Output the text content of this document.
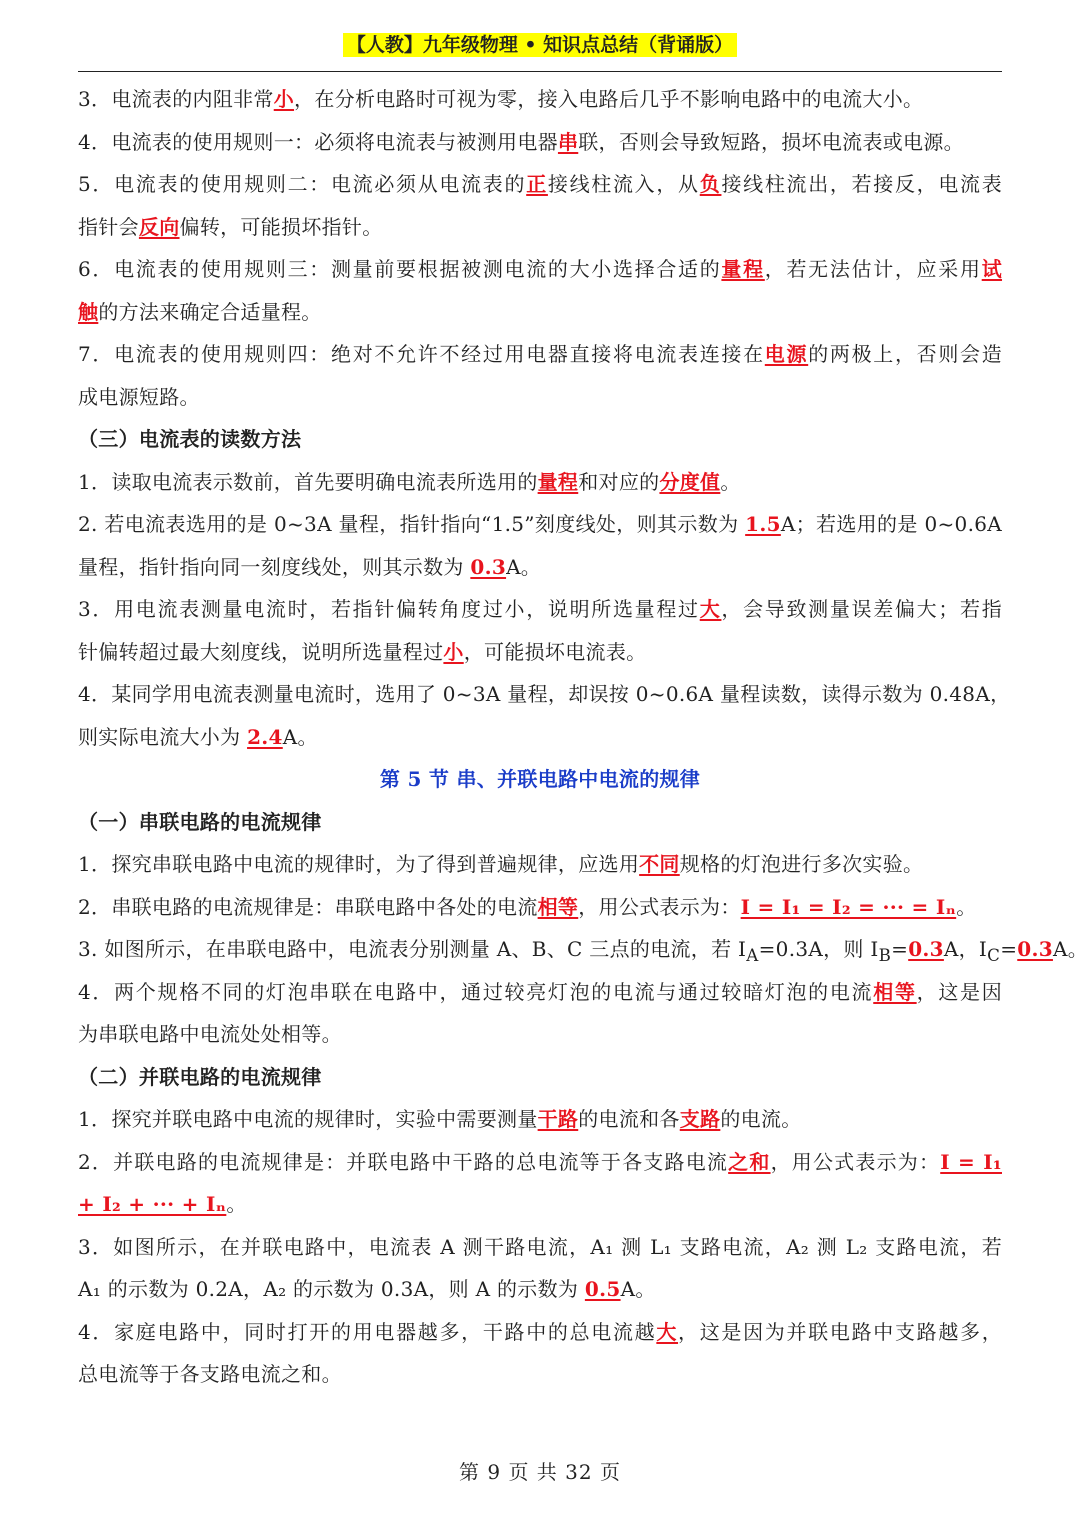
【人教】九年级物理 • 知识点总结（背诵版）
3．电流表的内阻非常小，在分析电路时可视为零，接入电路后几乎不影响电路中的电流大小。
4．电流表的使用规则一：必须将电流表与被测用电器串联，否则会导致短路，损坏电流表或电源。
5．电流表的使用规则二：电流必须从电流表的正接线柱流入，从负接线柱流出，若接反，电流表
指针会反向偏转，可能损坏指针。
6．电流表的使用规则三：测量前要根据被测电流的大小选择合适的量程，若无法估计，应采用试
触的方法来确定合适量程。
7．电流表的使用规则四：绝对不允许不经过用电器直接将电流表连接在电源的两极上，否则会造
成电源短路。
（三）电流表的读数方法
1．读取电流表示数前，首先要明确电流表所选用的量程和对应的分度值。
2. 若电流表选用的是 0~3A 量程，指针指向“1.5”刻度线处，则其示数为 1.5A；若选用的是 0~0.6A
量程，指针指向同一刻度线处，则其示数为 0.3A。
3．用电流表测量电流时，若指针偏转角度过小，说明所选量程过大，会导致测量误差偏大；若指
针偏转超过最大刻度线，说明所选量程过小，可能损坏电流表。
4．某同学用电流表测量电流时，选用了 0~3A 量程，却误按 0~0.6A 量程读数，读得示数为 0.48A，
则实际电流大小为 2.4A。
第 5 节 串、并联电路中电流的规律
（一）串联电路的电流规律
1．探究串联电路中电流的规律时，为了得到普遍规律，应选用不同规格的灯泡进行多次实验。
2．串联电路的电流规律是：串联电路中各处的电流相等，用公式表示为：I = I₁ = I₂ = ··· = Iₙ。
3. 如图所示，在串联电路中，电流表分别测量 A、B、C 三点的电流，若 $I_A=0.3A$，则 $I_B=0.3A$，$I_C=0.3A$。
4．两个规格不同的灯泡串联在电路中，通过较亮灯泡的电流与通过较暗灯泡的电流相等，这是因
为串联电路中电流处处相等。
（二）并联电路的电流规律
1．探究并联电路中电流的规律时，实验中需要测量干路的电流和各支路的电流。
2．并联电路的电流规律是：并联电路中干路的总电流等于各支路电流之和，用公式表示为：I = I₁
+ I₂ + ··· + Iₙ。
3．如图所示，在并联电路中，电流表 A 测干路电流，A₁ 测 L₁ 支路电流，A₂ 测 L₂ 支路电流，若
A₁ 的示数为 0.2A，A₂ 的示数为 0.3A，则 A 的示数为 0.5A。
4．家庭电路中，同时打开的用电器越多，干路中的总电流越大，这是因为并联电路中支路越多，
总电流等于各支路电流之和。
第 9 页 共 32 页
